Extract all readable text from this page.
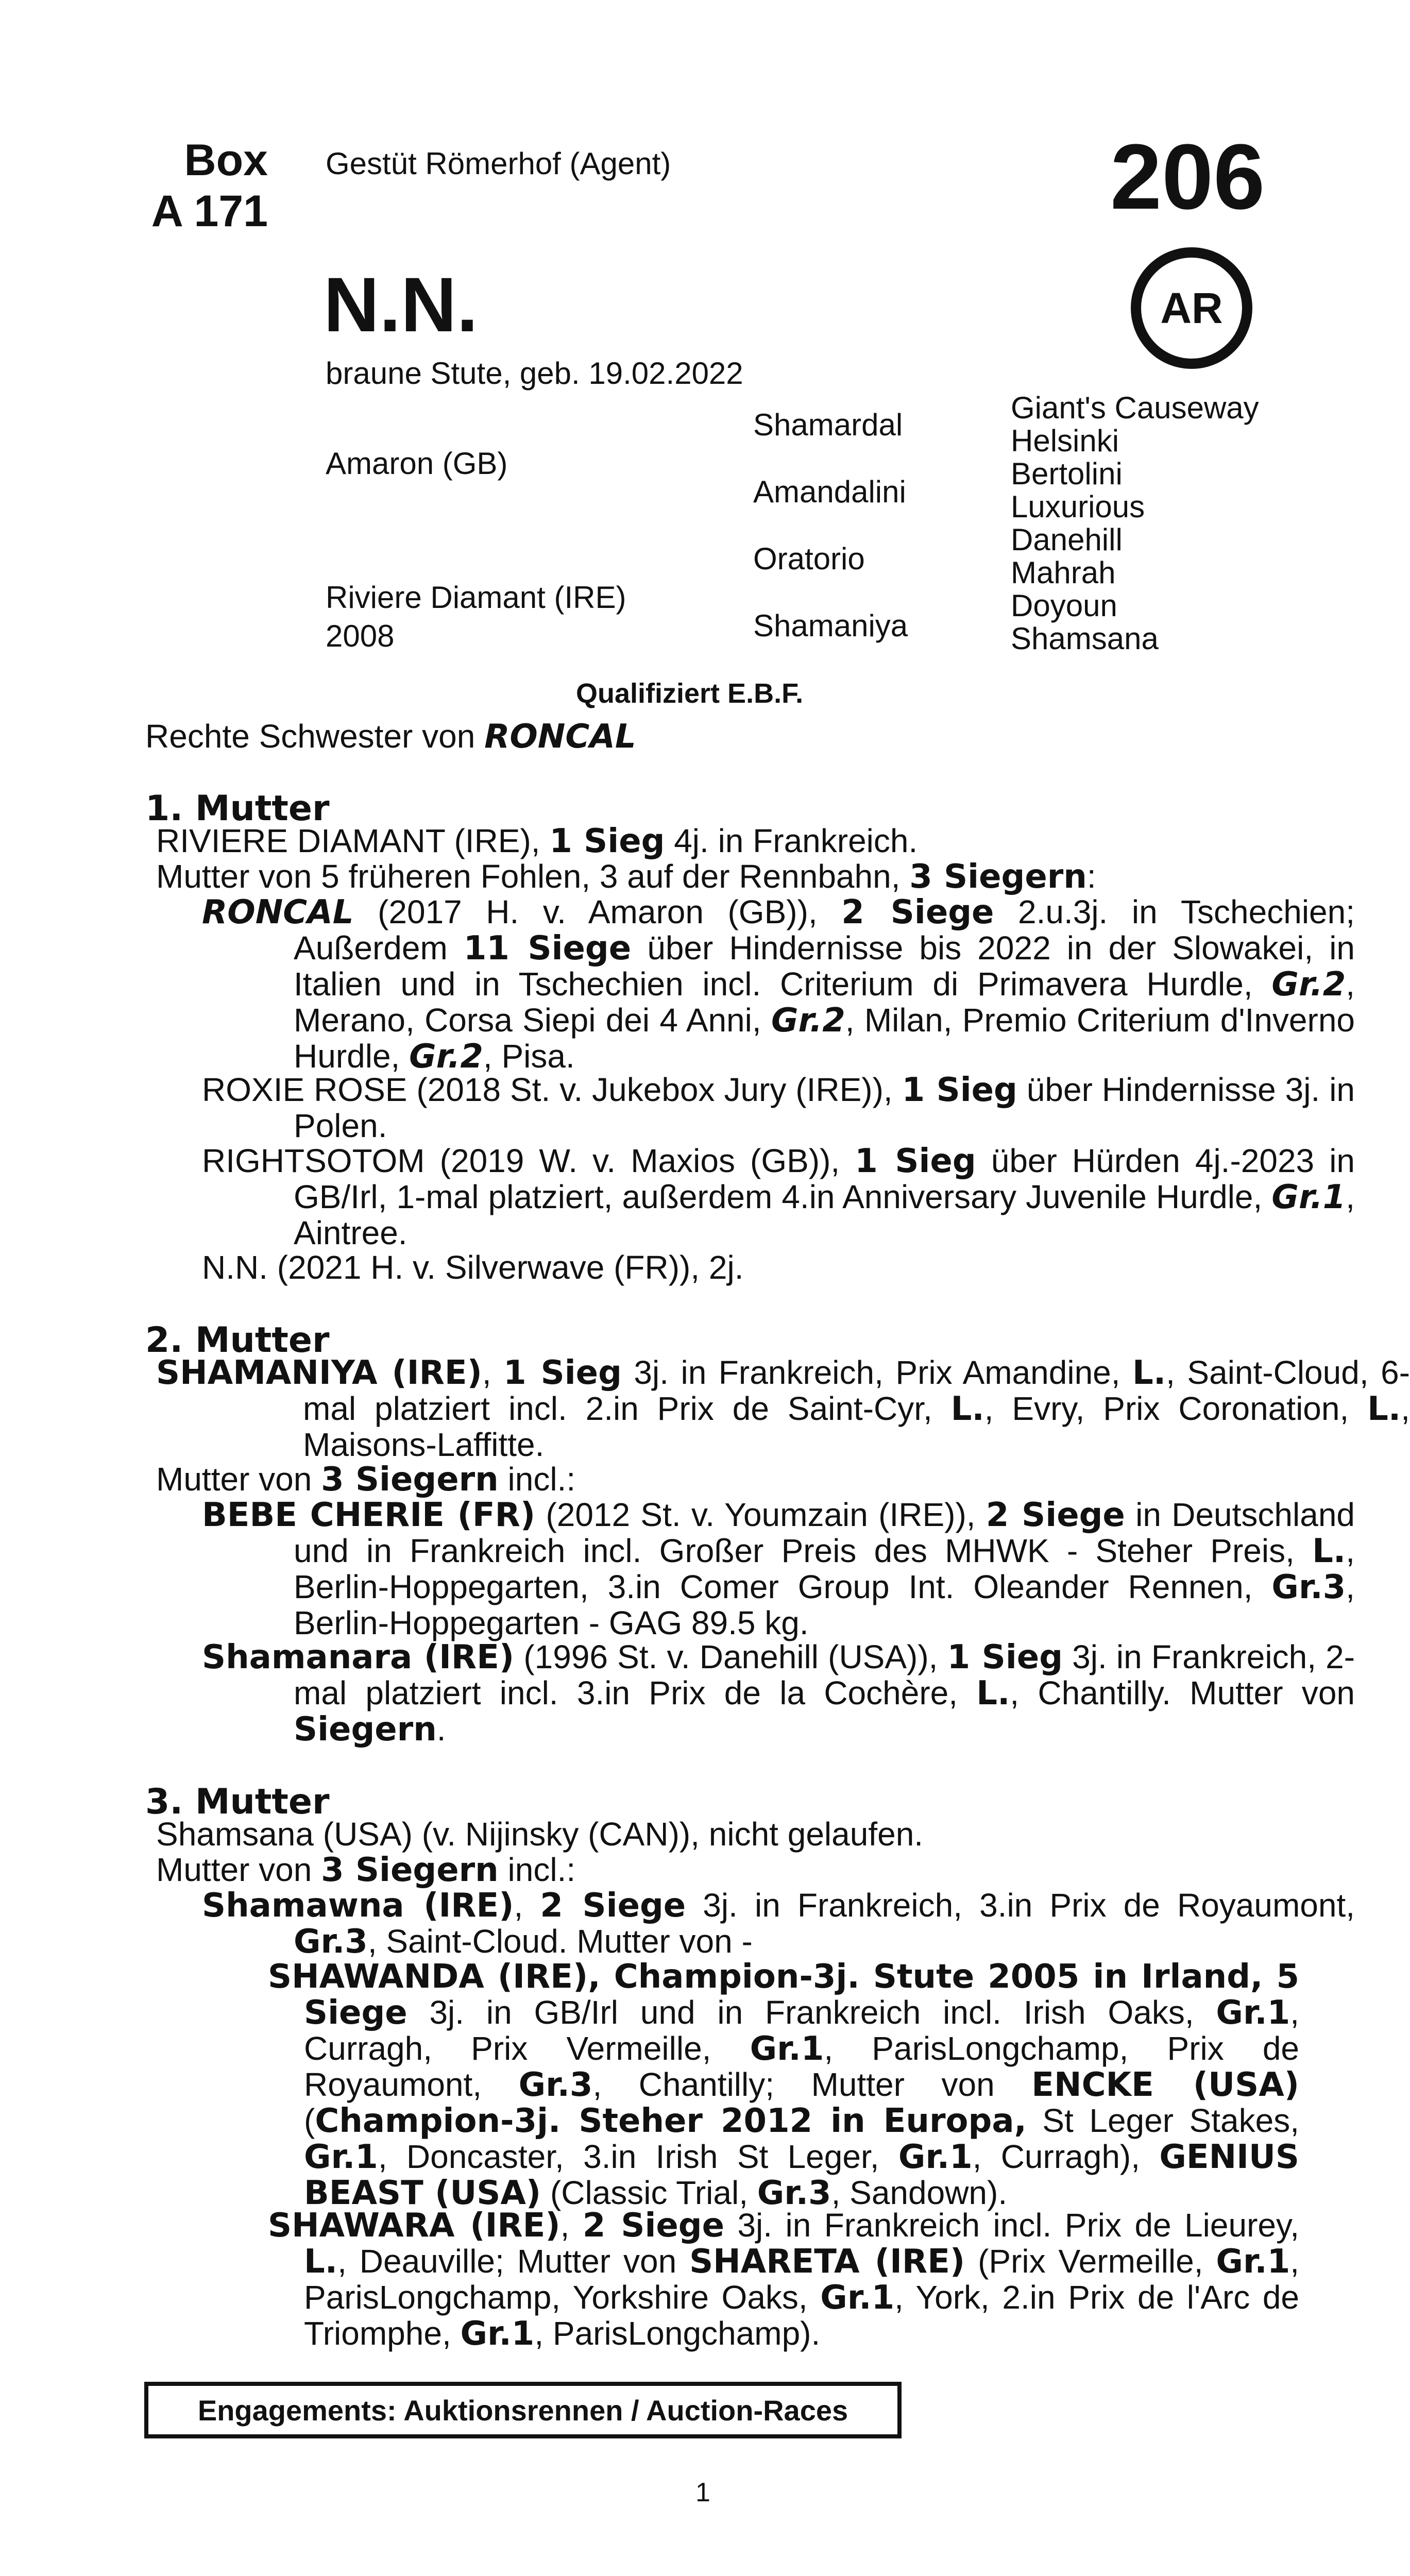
Box
A 171
Gestüt Römerhof (Agent)	206
AR
N.N.
braune Stute, geb. 19.02.2022
Amaron (GB)
Riviere Diamant (IRE)
2008
Shamardal
Amandalini
Oratorio
Shamaniya
Giant's Causeway
Helsinki
Bertolini
Luxurious
Danehill
Mahrah
Doyoun
Shamsana
Qualifiziert E.B.F.
Rechte Schwester von RONCAL
1. Mutter
RIVIERE DIAMANT (IRE), 1 Sieg 4j. in Frankreich.
Mutter von 5 früheren Fohlen, 3 auf der Rennbahn, 3 Siegern:
RONCAL (2017 H. v. Amaron (GB)), 2 Siege 2.u.3j. in Tschechien; Außerdem 11 Siege über Hindernisse bis 2022 in der Slowakei, in Italien und in Tschechien incl. Criterium di Primavera Hurdle, Gr.2, Merano, Corsa Siepi dei 4 Anni, Gr.2, Milan, Premio Criterium d'Inverno Hurdle, Gr.2, Pisa.
ROXIE ROSE (2018 St. v. Jukebox Jury (IRE)), 1 Sieg über Hindernisse 3j. in Polen.
RIGHTSOTOM (2019 W. v. Maxios (GB)), 1 Sieg über Hürden 4j.-2023 in GB/Irl, 1-mal platziert, außerdem 4.in Anniversary Juvenile Hurdle, Gr.1, Aintree.
N.N. (2021 H. v. Silverwave (FR)), 2j.
2. Mutter
SHAMANIYA (IRE), 1 Sieg 3j. in Frankreich, Prix Amandine, L., Saint-Cloud, 6-mal platziert incl. 2.in Prix de Saint-Cyr, L., Evry, Prix Coronation, L., Maisons-Laffitte.
Mutter von 3 Siegern incl.:
BEBE CHERIE (FR) (2012 St. v. Youmzain (IRE)), 2 Siege in Deutschland und in Frankreich incl. Großer Preis des MHWK - Steher Preis, L., Berlin-Hoppegarten, 3.in Comer Group Int. Oleander Rennen, Gr.3, Berlin-Hoppegarten - GAG 89.5 kg.
Shamanara (IRE) (1996 St. v. Danehill (USA)), 1 Sieg 3j. in Frankreich, 2-mal platziert incl. 3.in Prix de la Cochère, L., Chantilly. Mutter von Siegern.
3. Mutter
Shamsana (USA) (v. Nijinsky (CAN)), nicht gelaufen.
Mutter von 3 Siegern incl.:
Shamawna (IRE), 2 Siege 3j. in Frankreich, 3.in Prix de Royaumont, Gr.3, Saint-Cloud. Mutter von -
SHAWANDA (IRE), Champion-3j. Stute 2005 in Irland, 5 Siege 3j. in GB/Irl und in Frankreich incl. Irish Oaks, Gr.1, Curragh, Prix Vermeille, Gr.1, ParisLongchamp, Prix de Royaumont, Gr.3, Chantilly; Mutter von ENCKE (USA) (Champion-3j. Steher 2012 in Europa, St Leger Stakes, Gr.1, Doncaster, 3.in Irish St Leger, Gr.1, Curragh), GENIUS BEAST (USA) (Classic Trial, Gr.3, Sandown).
SHAWARA (IRE), 2 Siege 3j. in Frankreich incl. Prix de Lieurey, L., Deauville; Mutter von SHARETA (IRE) (Prix Vermeille, Gr.1, ParisLongchamp, Yorkshire Oaks, Gr.1, York, 2.in Prix de l'Arc de Triomphe, Gr.1, ParisLongchamp).
Engagements: Auktionsrennen / Auction-Races
1
